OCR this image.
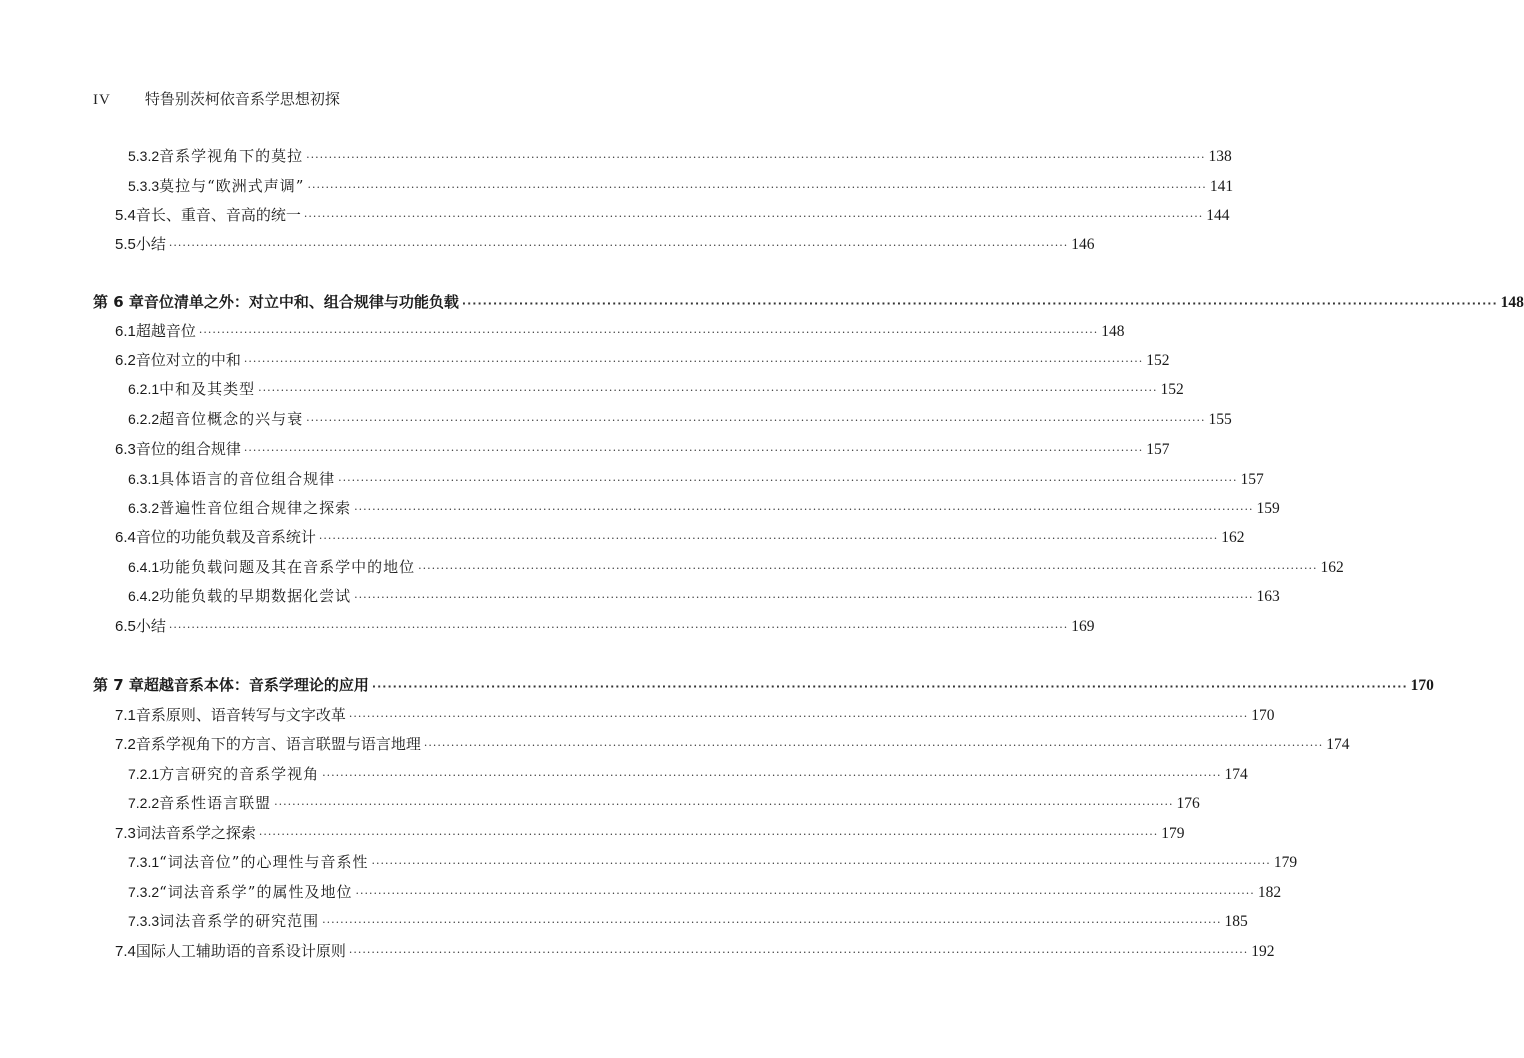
IV 特鲁别茨柯依音系学思想初探
5.3.2 音系学视角下的莫拉 ········································································································································································································ 138
5.3.3 莫拉与“欧洲式声调” ········································································································································································································ 141
5.4 音长、重音、音高的统一 ········································································································································································································ 144
5.5 小结 ········································································································································································································ 146
第 6 章 音位清单之外：对立中和、组合规律与功能负载 ········································································································································································································ 148
6.1 超越音位 ········································································································································································································ 148
6.2 音位对立的中和 ········································································································································································································ 152
6.2.1 中和及其类型 ········································································································································································································ 152
6.2.2 超音位概念的兴与衰 ········································································································································································································ 155
6.3 音位的组合规律 ········································································································································································································ 157
6.3.1 具体语言的音位组合规律 ········································································································································································································ 157
6.3.2 普遍性音位组合规律之探索 ········································································································································································································ 159
6.4 音位的功能负载及音系统计 ········································································································································································································ 162
6.4.1 功能负载问题及其在音系学中的地位 ········································································································································································································ 162
6.4.2 功能负载的早期数据化尝试 ········································································································································································································ 163
6.5 小结 ········································································································································································································ 169
第 7 章 超越音系本体：音系学理论的应用 ········································································································································································································ 170
7.1 音系原则、语音转写与文字改革 ········································································································································································································ 170
7.2 音系学视角下的方言、语言联盟与语言地理 ········································································································································································································ 174
7.2.1 方言研究的音系学视角 ········································································································································································································ 174
7.2.2 音系性语言联盟 ········································································································································································································ 176
7.3 词法音系学之探索 ········································································································································································································ 179
7.3.1 “词法音位”的心理性与音系性 ········································································································································································································ 179
7.3.2 “词法音系学”的属性及地位 ········································································································································································································ 182
7.3.3 词法音系学的研究范围 ········································································································································································································ 185
7.4 国际人工辅助语的音系设计原则 ········································································································································································································ 192
